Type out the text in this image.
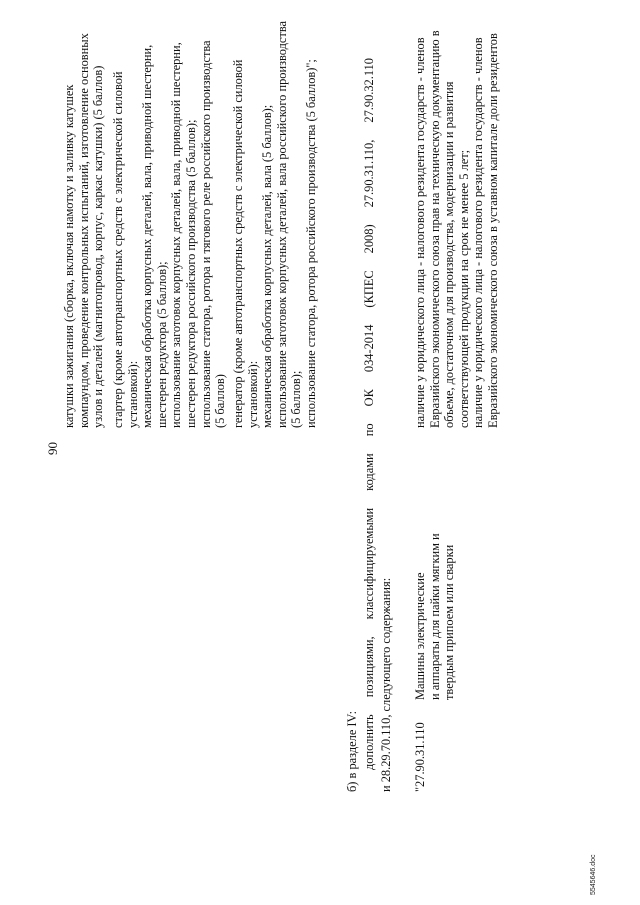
90
катушки зажигания (сборка, включая намотку и заливку катушек компаундом, проведение контрольных испытаний, изготовление основных узлов и деталей (магнитопровод, корпус, каркас катушки) (5 баллов) стартер (кроме автотранспортных средств с электрической силовой установкой): механическая обработка корпусных деталей, вала, приводной шестерни, шестерен редуктора (5 баллов); использование заготовок корпусных деталей, вала, приводной шестерни, шестерен редуктора российского производства (5 баллов); использование статора, ротора и тягового реле российского производства (5 баллов) генератор (кроме автотранспортных средств с электрической силовой установкой): механическая обработка корпусных деталей, вала (5 баллов); использование заготовок корпусных деталей, вала российского производства (5 баллов); использование статора, ротора российского производства (5 баллов)";
б) в разделе IV: дополнить
позициями,
классифицируемыми
кодами
по
ОК
034-2014
(КПЕС
2008)
27.90.31.110,
27.90.32.110
и 28.29.70.110, следующего содержания: "27.90.31.110
Машины электрические и аппараты для пайки мягким и твердым припоем или сварки
наличие у юридического лица - налогового резидента государств - членов Евразийского экономического союза прав на техническую документацию в объеме, достаточном для производства, модернизации и развития соответствующей продукции на срок не менее 5 лет; наличие у юридического лица - налогового резидента государств - членов Евразийского экономического союза в уставном капитале доли резидентов
5545646.doc
